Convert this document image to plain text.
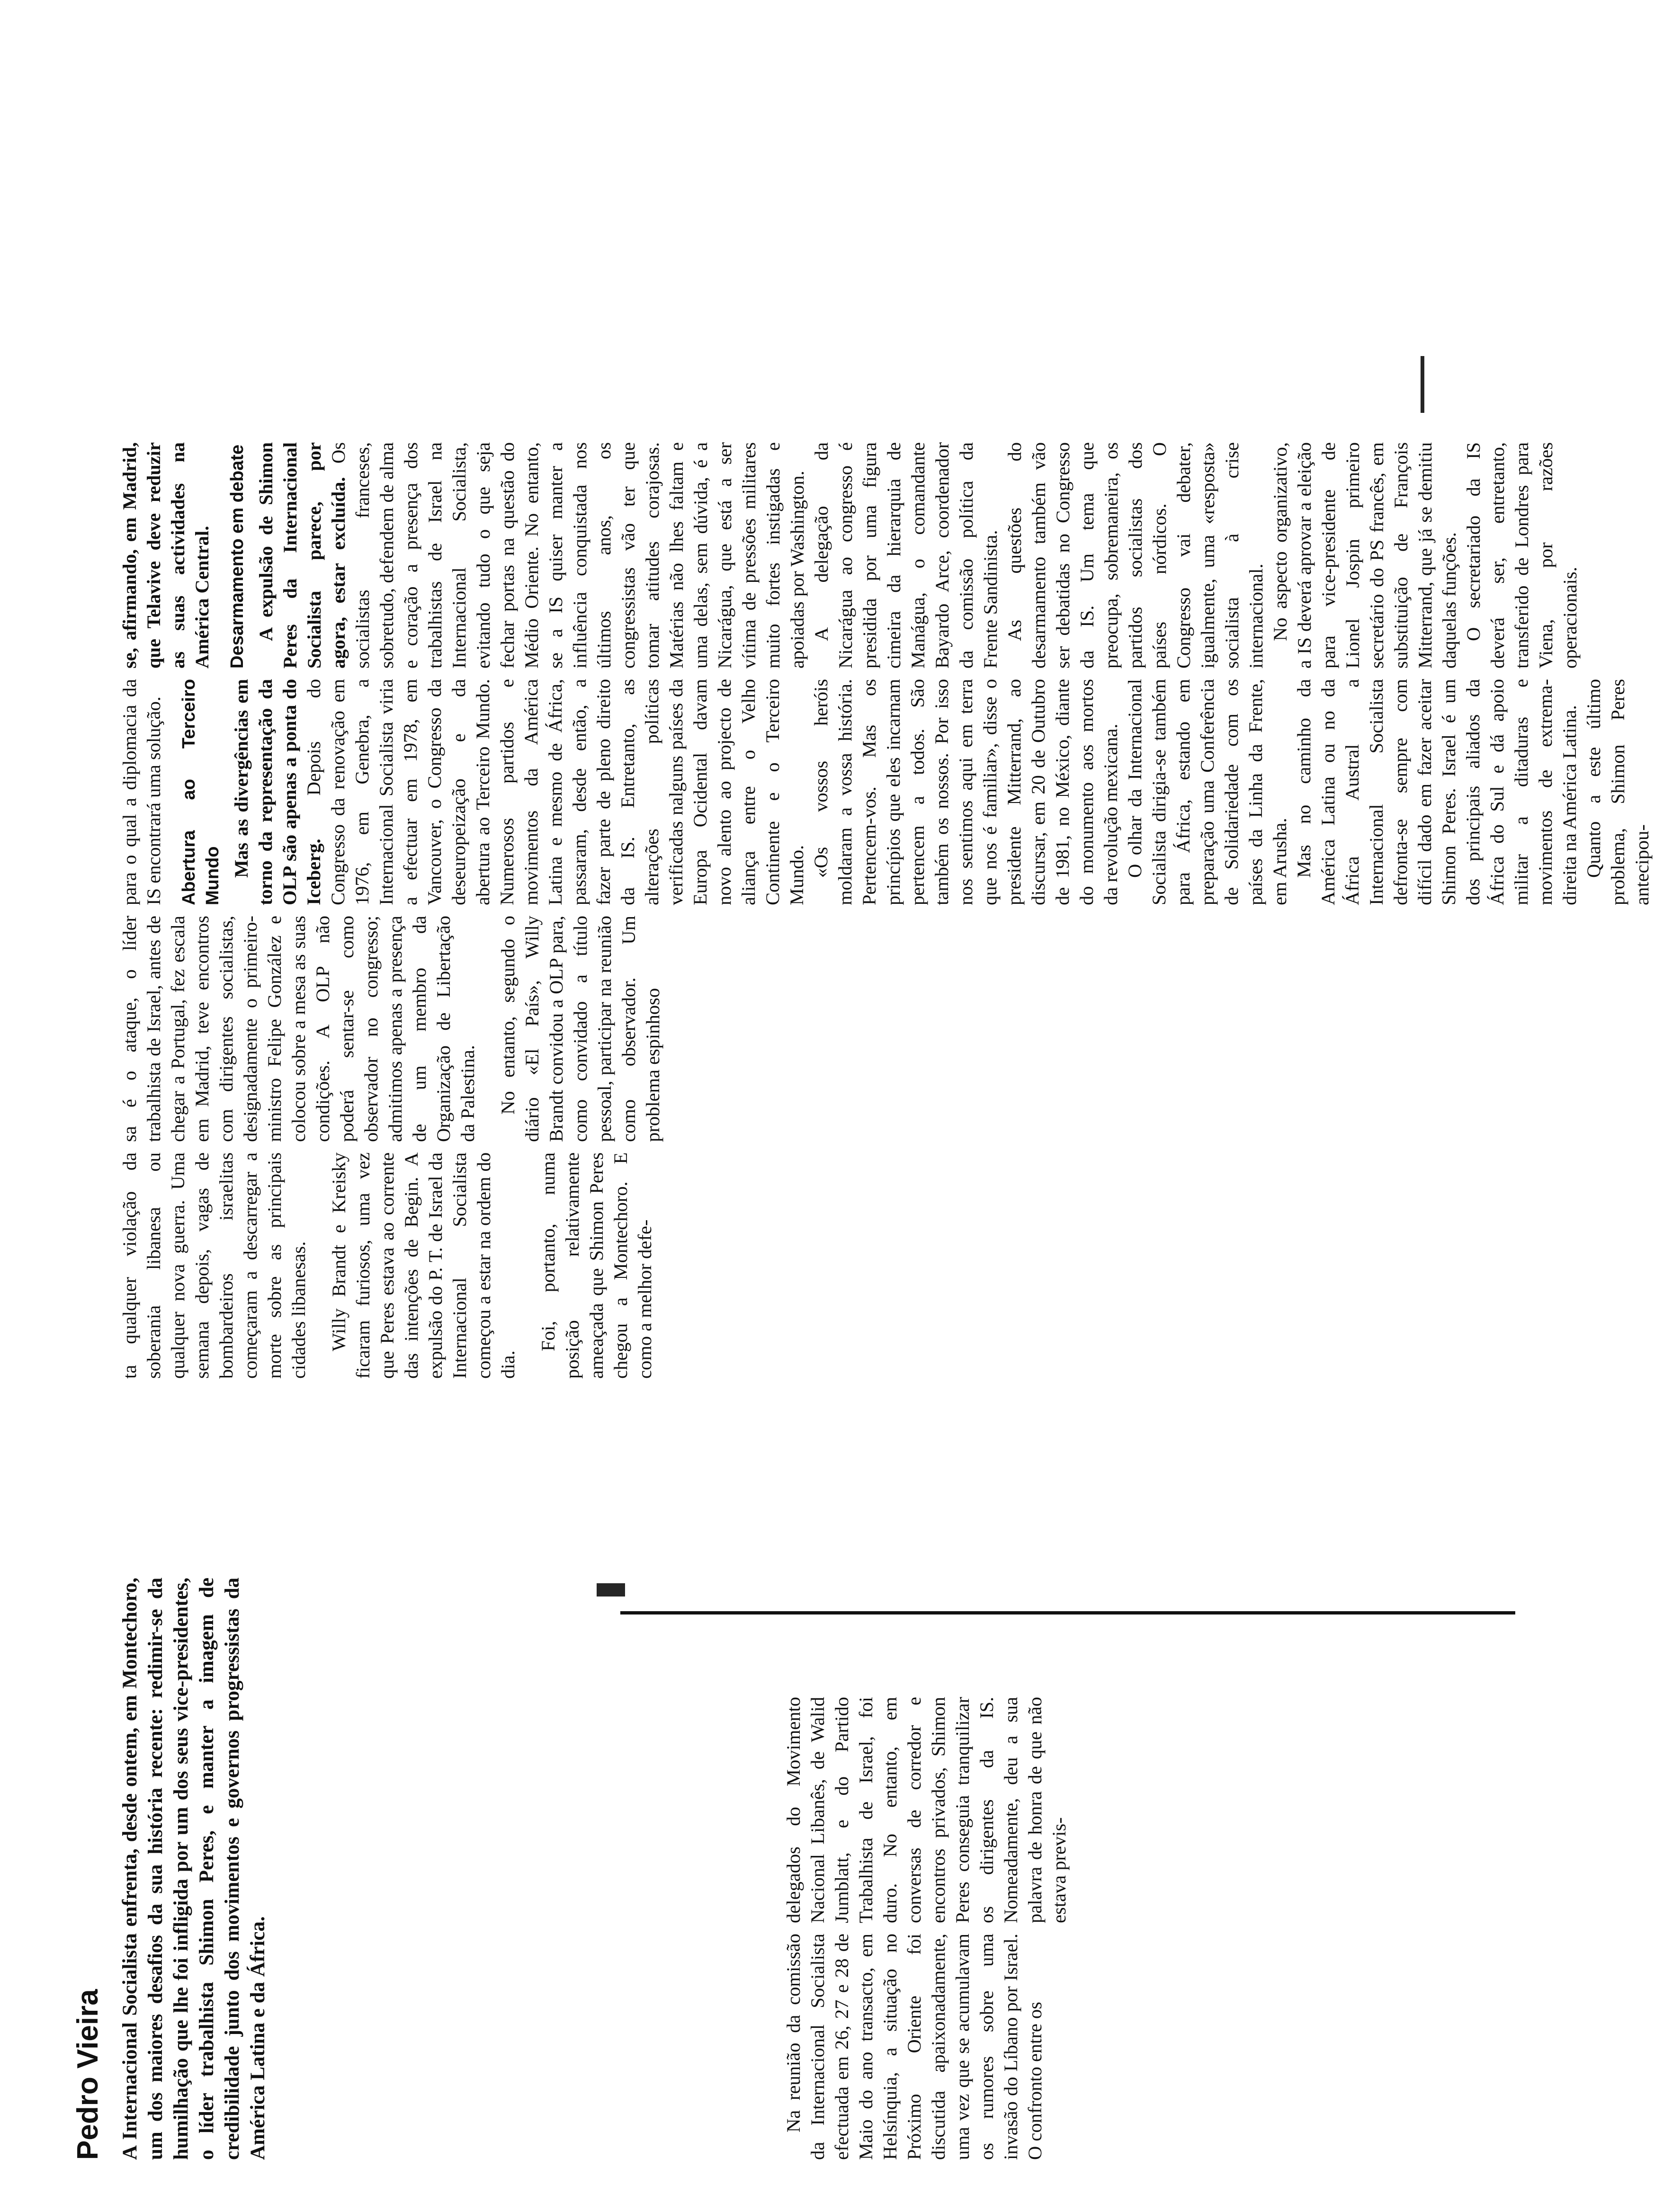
Pedro Vieira A Internacional Socialista enfrenta, desde ontem, em Montechoro, um dos maiores desafios da sua história recente: redimir-se da humilhação que lhe foi infligida por um dos seus vice-presidentes, o líder trabalhista Shimon Peres, e manter a imagem de credibilidade junto dos movimentos e governos progressistas da América Latina e da África.	Na reunião da comissão da Internacional Socialista efectuada em 26, 27 e 28 de Maio do ano transacto, em Helsínquia, a situação no Próximo Oriente foi discutida apaixonadamente, uma vez que se acumulavam os rumores sobre uma invasão do Líbano por Israel. O confronto entre os

delegados do Movimento Nacional Libanês, de Walid Jumblatt, e do Partido Trabalhista de Israel, foi duro. No entanto, em conversas de corredor e encontros privados, Shimon Peres conseguia tranquilizar os dirigentes da IS. Nomeadamente, deu a sua palavra de honra de que não estava previs-

ta qualquer violação da soberania libanesa ou qualquer nova guerra. Uma semana depois, vagas de bombardeiros israelitas começaram a descarregar a morte sobre as principais cidades libanesas. Willy Brandt e Kreisky ficaram furiosos, uma vez que Peres estava ao corrente das intenções de Begin. A expulsão do P. T. de Israel da Internacional Socialista começou a estar na ordem do dia.

Foi, portanto, numa posição relativamente ameaçada que Shimon Peres chegou a Montechoro. E como a melhor defe-

sa é o ataque, o líder trabalhista de Israel, antes de chegar a Portugal, fez escala em Madrid, teve encontros com dirigentes socialistas, designadamente o primeiro-ministro Felipe González e colocou sobre a mesa as suas condições. A OLP não poderá sentar-se como observador no congresso; admitimos apenas a presença de um membro da Organização de Libertação da Palestina. No entanto, segundo o diário «El País», Willy Brandt convidou a OLP para, como convidado a título pessoal, participar na reunião como observador. Um problema espinhoso

para o qual a diplomacia da IS encontrará uma solução. Abertura ao Terceiro Mundo Mas as divergências em torno da representação da OLP são apenas a ponta do Iceberg. Depois do Congresso da renovação em 1976, em Genebra, a Internacional Socialista viria a efectuar em 1978, em Vancouver, o Congresso da deseuropeização e da abertura ao Terceiro Mundo. Numerosos partidos e movimentos da América Latina e mesmo de África, passaram, desde então, a fazer parte de pleno direito da IS. Entretanto, as alterações políticas verificadas nalguns países da Europa Ocidental davam novo alento ao projecto de aliança entre o Velho Continente e o Terceiro Mundo. «Os vossos heróis moldaram a vossa história. Pertencem-vos. Mas os princípios que eles incarnam pertencem a todos. São também os nossos. Por isso nos sentimos aqui em terra que nos é familiar», disse o presidente Mitterrand, ao discursar, em 20 de Outubro de 1981, no México, diante do monumento aos mortos da revolução mexicana. O olhar da Internacional Socialista dirigia-se também para África, estando em preparação uma Conferência de Solidariedade com os países da Linha da Frente, em Arusha. Mas no caminho da América Latina ou no da África Austral a Internacional Socialista defronta-se sempre com difícil dado em fazer aceitar Shimon Peres. Israel é um dos principais aliados da África do Sul e dá apoio militar a ditaduras e movimentos de extrema-direita na América Latina. Quanto a este último problema, Shimon Peres antecipou-

se, afirmando, em Madrid, que Telavive deve reduzir as suas actividades na América Central. Desarmamento em debate A expulsão de Shimon Peres da Internacional Socialista parece, por agora, estar excluída. Os socialistas franceses, sobretudo, defendem de alma e coração a presença dos trabalhistas de Israel na Internacional Socialista, evitando tudo o que seja fechar portas na questão do Médio Oriente. No entanto, se a IS quiser manter a influência conquistada nos últimos anos, os congressistas vão ter que tomar atitudes corajosas. Matérias não lhes faltam e uma delas, sem dúvida, é a Nicarágua, que está a ser vítima de pressões militares muito fortes instigadas e apoiadas por Washington. A delegação da Nicarágua ao congresso é presidida por uma figura cimeira da hierarquia de Manágua, o comandante Bayardo Arce, coordenador da comissão política da Frente Sandinista. As questões do desarmamento também vão ser debatidas no Congresso da IS. Um tema que preocupa, sobremaneira, os partidos socialistas dos países nórdicos. O Congresso vai debater, igualmente, uma «resposta» socialista à crise internacional. No aspecto organizativo, a IS deverá aprovar a eleição para vice-presidente de Lionel Jospin primeiro secretário do PS francês, em substituição de François Mitterrand, que já se demitiu daquelas funções. O secretariado da IS deverá ser, entretanto, transferido de Londres para Viena, por razões operacionais.
